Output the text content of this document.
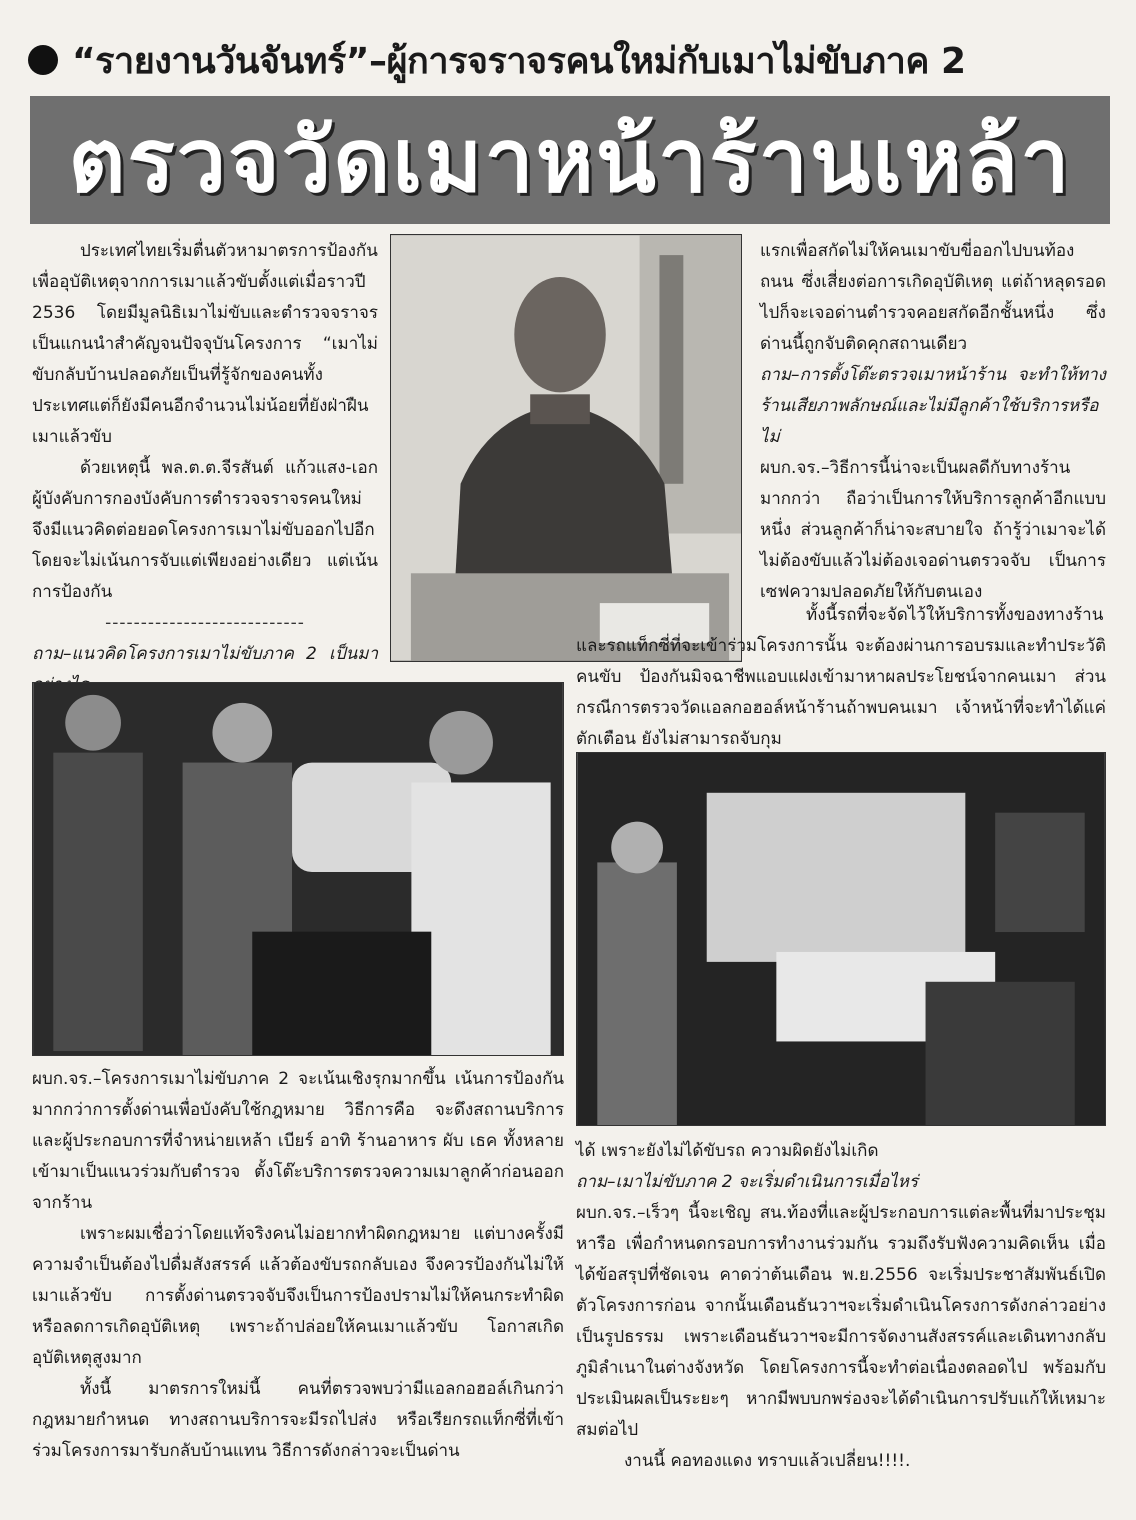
“รายงานวันจันทร์”–ผู้การจราจรคนใหม่กับเมาไม่ขับภาค 2
ตรวจวัดเมาหน้าร้านเหล้า

ประเทศไทยเริ่มตื่นตัวหามาตรการป้องกันเพื่ออุบัติเหตุจากการเมาแล้วขับตั้งแต่เมื่อราวปี 2536 โดยมีมูลนิธิเมาไม่ขับและตำรวจจราจรเป็นแกนนำสำคัญจนปัจจุบันโครงการ “เมาไม่ขับกลับบ้านปลอดภัยเป็นที่รู้จักของคนทั้งประเทศแต่ก็ยังมีคนอีกจำนวนไม่น้อยที่ยังฝ่าฝืนเมาแล้วขับ

ด้วยเหตุนี้ พล.ต.ต.จีรสันต์ แก้วแสง-เอก ผู้บังคับการกองบังคับการตำรวจจราจรคนใหม่ จึงมีแนวคิดต่อยอดโครงการเมาไม่ขับออกไปอีก โดยจะไม่เน้นการจับแต่เพียงอย่างเดียว แต่เน้นการป้องกัน

----------------------------

ถาม–แนวคิดโครงการเมาไม่ขับภาค 2 เป็นมา

แรกเพื่อสกัดไม่ให้คนเมาขับขี่ออกไปบนท้องถนน ซึ่งเสี่ยงต่อการเกิดอุบัติเหตุ แต่ถ้าหลุดรอดไปก็จะเจอด่านตำรวจคอยสกัดอีกชั้นหนึ่ง ซึ่งด่านนี้ถูกจับติดคุกสถานเดียว

ถาม–การตั้งโต๊ะตรวจเมาหน้าร้าน จะทำให้ทางร้านเสียภาพลักษณ์และไม่มีลูกค้าใช้บริการหรือไม่

ผบก.จร.–วิธีการนี้น่าจะเป็นผลดีกับทางร้านมากกว่า ถือว่าเป็นการให้บริการลูกค้าอีกแบบหนึ่ง ส่วนลูกค้าก็น่าจะสบายใจ ถ้ารู้ว่าเมาจะได้ไม่ต้องขับแล้วไม่ต้องเจอด่านตรวจจับ เป็นการเซฟความปลอดภัยให้กับตนเอง

ทั้งนี้รถที่จะจัดไว้ให้บริการทั้งของทางร้านและรถแท็กซี่ที่จะเข้าร่วมโครงการนั้น จะต้องผ่านการอบรมและทำประวัติคนขับ ป้องกันมิจฉาชีพแอบแฝงเข้ามาหาผลประโยชน์จากคนเมา ส่วนกรณีการตรวจวัดแอลกอฮอล์หน้าร้านถ้าพบคนเมา เจ้าหน้าที่จะทำได้แค่ตักเตือน ยังไม่สามารถจับกุม

ผบก.จร.–โครงการเมาไม่ขับภาค 2 จะเน้นเชิงรุกมากขึ้น เน้นการป้องกันมากกว่าการตั้งด่านเพื่อบังคับใช้กฎหมาย วิธีการคือ จะดึงสถานบริการและผู้ประกอบการที่จำหน่ายเหล้า เบียร์ อาทิ ร้านอาหาร ผับ เธค ทั้งหลาย เข้ามาเป็นแนวร่วมกับตำรวจ ตั้งโต๊ะบริการตรวจความเมาลูกค้าก่อนออกจากร้าน

เพราะผมเชื่อว่าโดยแท้จริงคนไม่อยากทำผิดกฎหมาย แต่บางครั้งมีความจำเป็นต้องไปดื่มสังสรรค์ แล้วต้องขับรถกลับเอง จึงควรป้องกันไม่ให้เมาแล้วขับ การตั้งด่านตรวจจับจึงเป็นการป้องปรามไม่ให้คนกระทำผิด หรือลดการเกิดอุบัติเหตุ เพราะถ้าปล่อยให้คนเมาแล้วขับ โอกาสเกิดอุบัติเหตุสูงมาก

ทั้งนี้ มาตรการใหม่นี้ คนที่ตรวจพบว่ามีแอลกอฮอล์เกินกว่ากฎหมายกำหนด ทางสถานบริการจะมีรถไปส่ง หรือเรียกรถแท็กซี่ที่เข้าร่วมโครงการมารับกลับบ้านแทน วิธีการดังกล่าวจะเป็นด่าน

ได้ เพราะยังไม่ได้ขับรถ ความผิดยังไม่เกิด

ถาม–เมาไม่ขับภาค 2 จะเริ่มดำเนินการเมื่อไหร่

ผบก.จร.–เร็วๆ นี้จะเชิญ สน.ท้องที่และผู้ประกอบการแต่ละพื้นที่มาประชุมหารือ เพื่อกำหนดกรอบการทำงานร่วมกัน รวมถึงรับฟังความคิดเห็น เมื่อได้ข้อสรุปที่ชัดเจน คาดว่าต้นเดือน พ.ย.2556 จะเริ่มประชาสัมพันธ์เปิดตัวโครงการก่อน จากนั้นเดือนธันวาฯจะเริ่มดำเนินโครงการดังกล่าวอย่างเป็นรูปธรรม เพราะเดือนธันวาฯจะมีการจัดงานสังสรรค์และเดินทางกลับภูมิลำเนาในต่างจังหวัด โดยโครงการนี้จะทำต่อเนื่องตลอดไป พร้อมกับประเมินผลเป็นระยะๆ หากมีพบบกพร่องจะได้ดำเนินการปรับแก้ให้เหมาะสมต่อไป

งานนี้ คอทองแดง ทราบแล้วเปลี่ยน!!!!.
